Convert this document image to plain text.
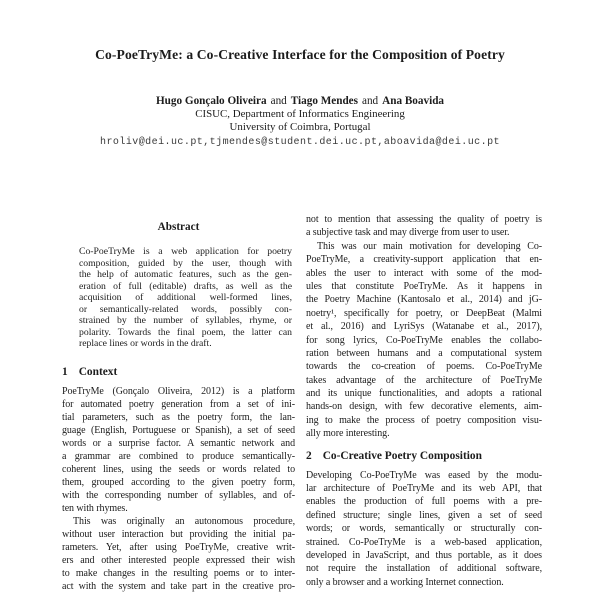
Co-PoeTryMe: a Co-Creative Interface for the Composition of Poetry
Hugo Gonçalo Oliveira and Tiago Mendes and Ana Boavida
CISUC, Department of Informatics Engineering
University of Coimbra, Portugal
hroliv@dei.uc.pt,tjmendes@student.dei.uc.pt,aboavida@dei.uc.pt
Abstract
Co-PoeTryMe is a web application for poetry
composition, guided by the user, though with
the help of automatic features, such as the gen-
eration of full (editable) drafts, as well as the
acquisition of additional well-formed lines,
or semantically-related words, possibly con-
strained by the number of syllables, rhyme, or
polarity. Towards the final poem, the latter can
replace lines or words in the draft.
1 Context
PoeTryMe (Gonçalo Oliveira, 2012) is a platform
for automated poetry generation from a set of ini-
tial parameters, such as the poetry form, the lan-
guage (English, Portuguese or Spanish), a set of seed
words or a surprise factor. A semantic network and
a grammar are combined to produce semantically-
coherent lines, using the seeds or words related to
them, grouped according to the given poetry form,
with the corresponding number of syllables, and of-
ten with rhymes.
This was originally an autonomous procedure,
without user interaction but providing the initial pa-
rameters. Yet, after using PoeTryMe, creative writ-
ers and other interested people expressed their wish
to make changes in the resulting poems or to inter-
act with the system and take part in the creative pro-
not to mention that assessing the quality of poetry is
a subjective task and may diverge from user to user.
This was our main motivation for developing Co-
PoeTryMe, a creativity-support application that en-
ables the user to interact with some of the mod-
ules that constitute PoeTryMe. As it happens in
the Poetry Machine (Kantosalo et al., 2014) and jG-
noetry¹, specifically for poetry, or DeepBeat (Malmi
et al., 2016) and LyriSys (Watanabe et al., 2017),
for song lyrics, Co-PoeTryMe enables the collabo-
ration between humans and a computational system
towards the co-creation of poems. Co-PoeTryMe
takes advantage of the architecture of PoeTryMe
and its unique functionalities, and adopts a rational
hands-on design, with few decorative elements, aim-
ing to make the process of poetry composition visu-
ally more interesting.
2 Co-Creative Poetry Composition
Developing Co-PoeTryMe was eased by the modu-
lar architecture of PoeTryMe and its web API, that
enables the production of full poems with a pre-
defined structure; single lines, given a set of seed
words; or words, semantically or structurally con-
strained. Co-PoeTryMe is a web-based application,
developed in JavaScript, and thus portable, as it does
not require the installation of additional software,
only a browser and a working Internet connection.
